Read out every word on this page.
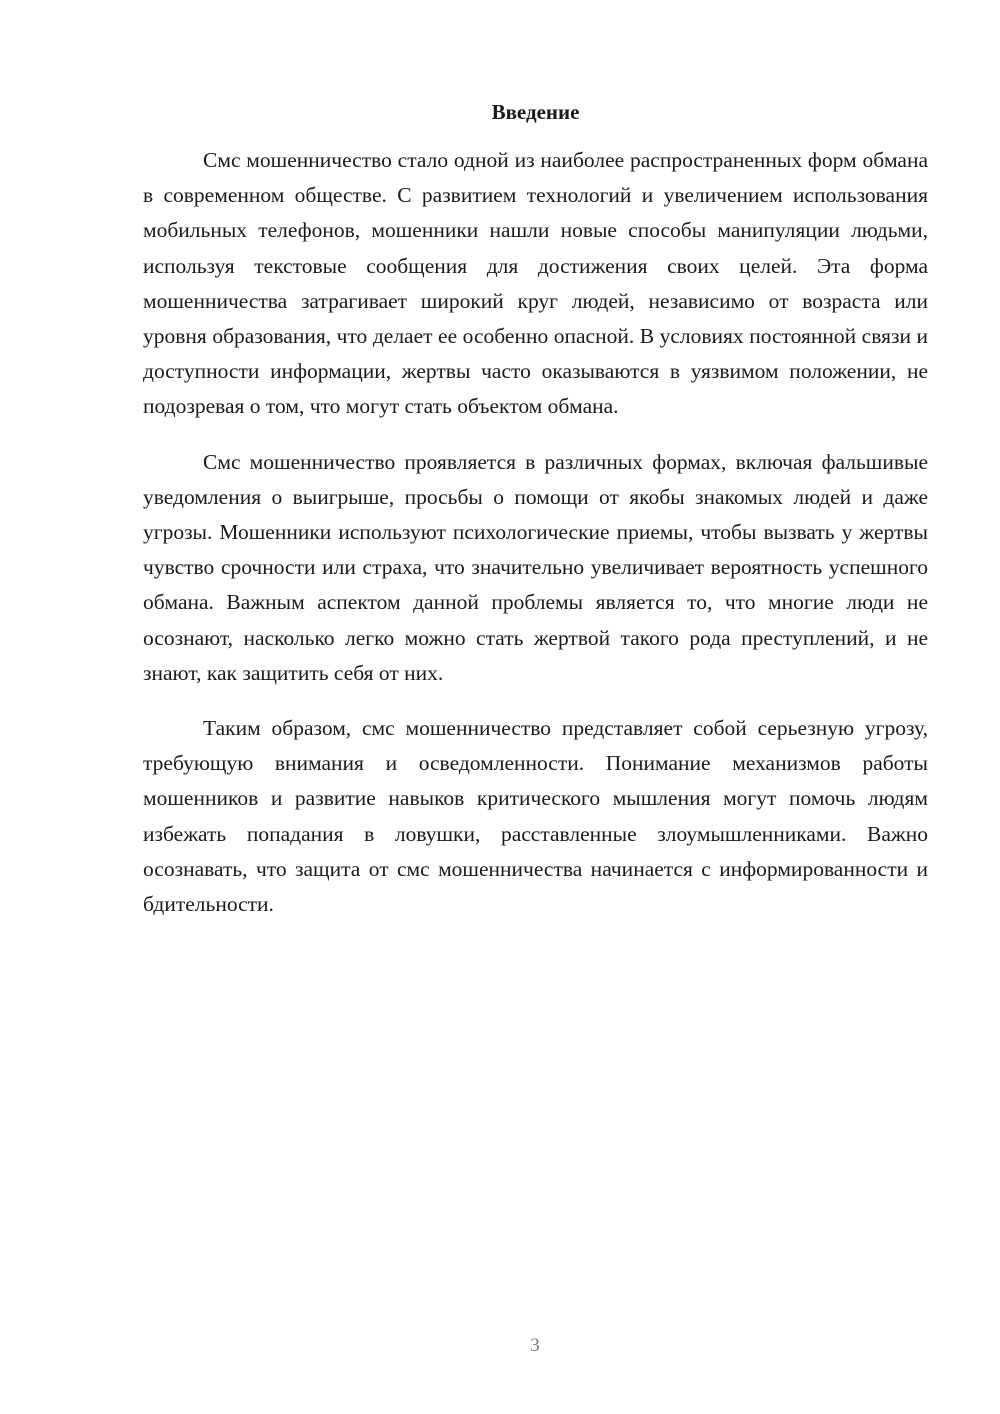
Введение

Смс мошенничество стало одной из наиболее распространенных форм обмана в современном обществе. С развитием технологий и увеличением использования мобильных телефонов, мошенники нашли новые способы манипуляции людьми, используя текстовые сообщения для достижения своих целей. Эта форма мошенничества затрагивает широкий круг людей, независимо от возраста или уровня образования, что делает ее особенно опасной. В условиях постоянной связи и доступности информации, жертвы часто оказываются в уязвимом положении, не подозревая о том, что могут стать объектом обмана.

Смс мошенничество проявляется в различных формах, включая фальшивые уведомления о выигрыше, просьбы о помощи от якобы знакомых людей и даже угрозы. Мошенники используют психологические приемы, чтобы вызвать у жертвы чувство срочности или страха, что значительно увеличивает вероятность успешного обмана. Важным аспектом данной проблемы является то, что многие люди не осознают, насколько легко можно стать жертвой такого рода преступлений, и не знают, как защитить себя от них.

Таким образом, смс мошенничество представляет собой серьезную угрозу, требующую внимания и осведомленности. Понимание механизмов работы мошенников и развитие навыков критического мышления могут помочь людям избежать попадания в ловушки, расставленные злоумышленниками. Важно осознавать, что защита от смс мошенничества начинается с информированности и бдительности.

3
